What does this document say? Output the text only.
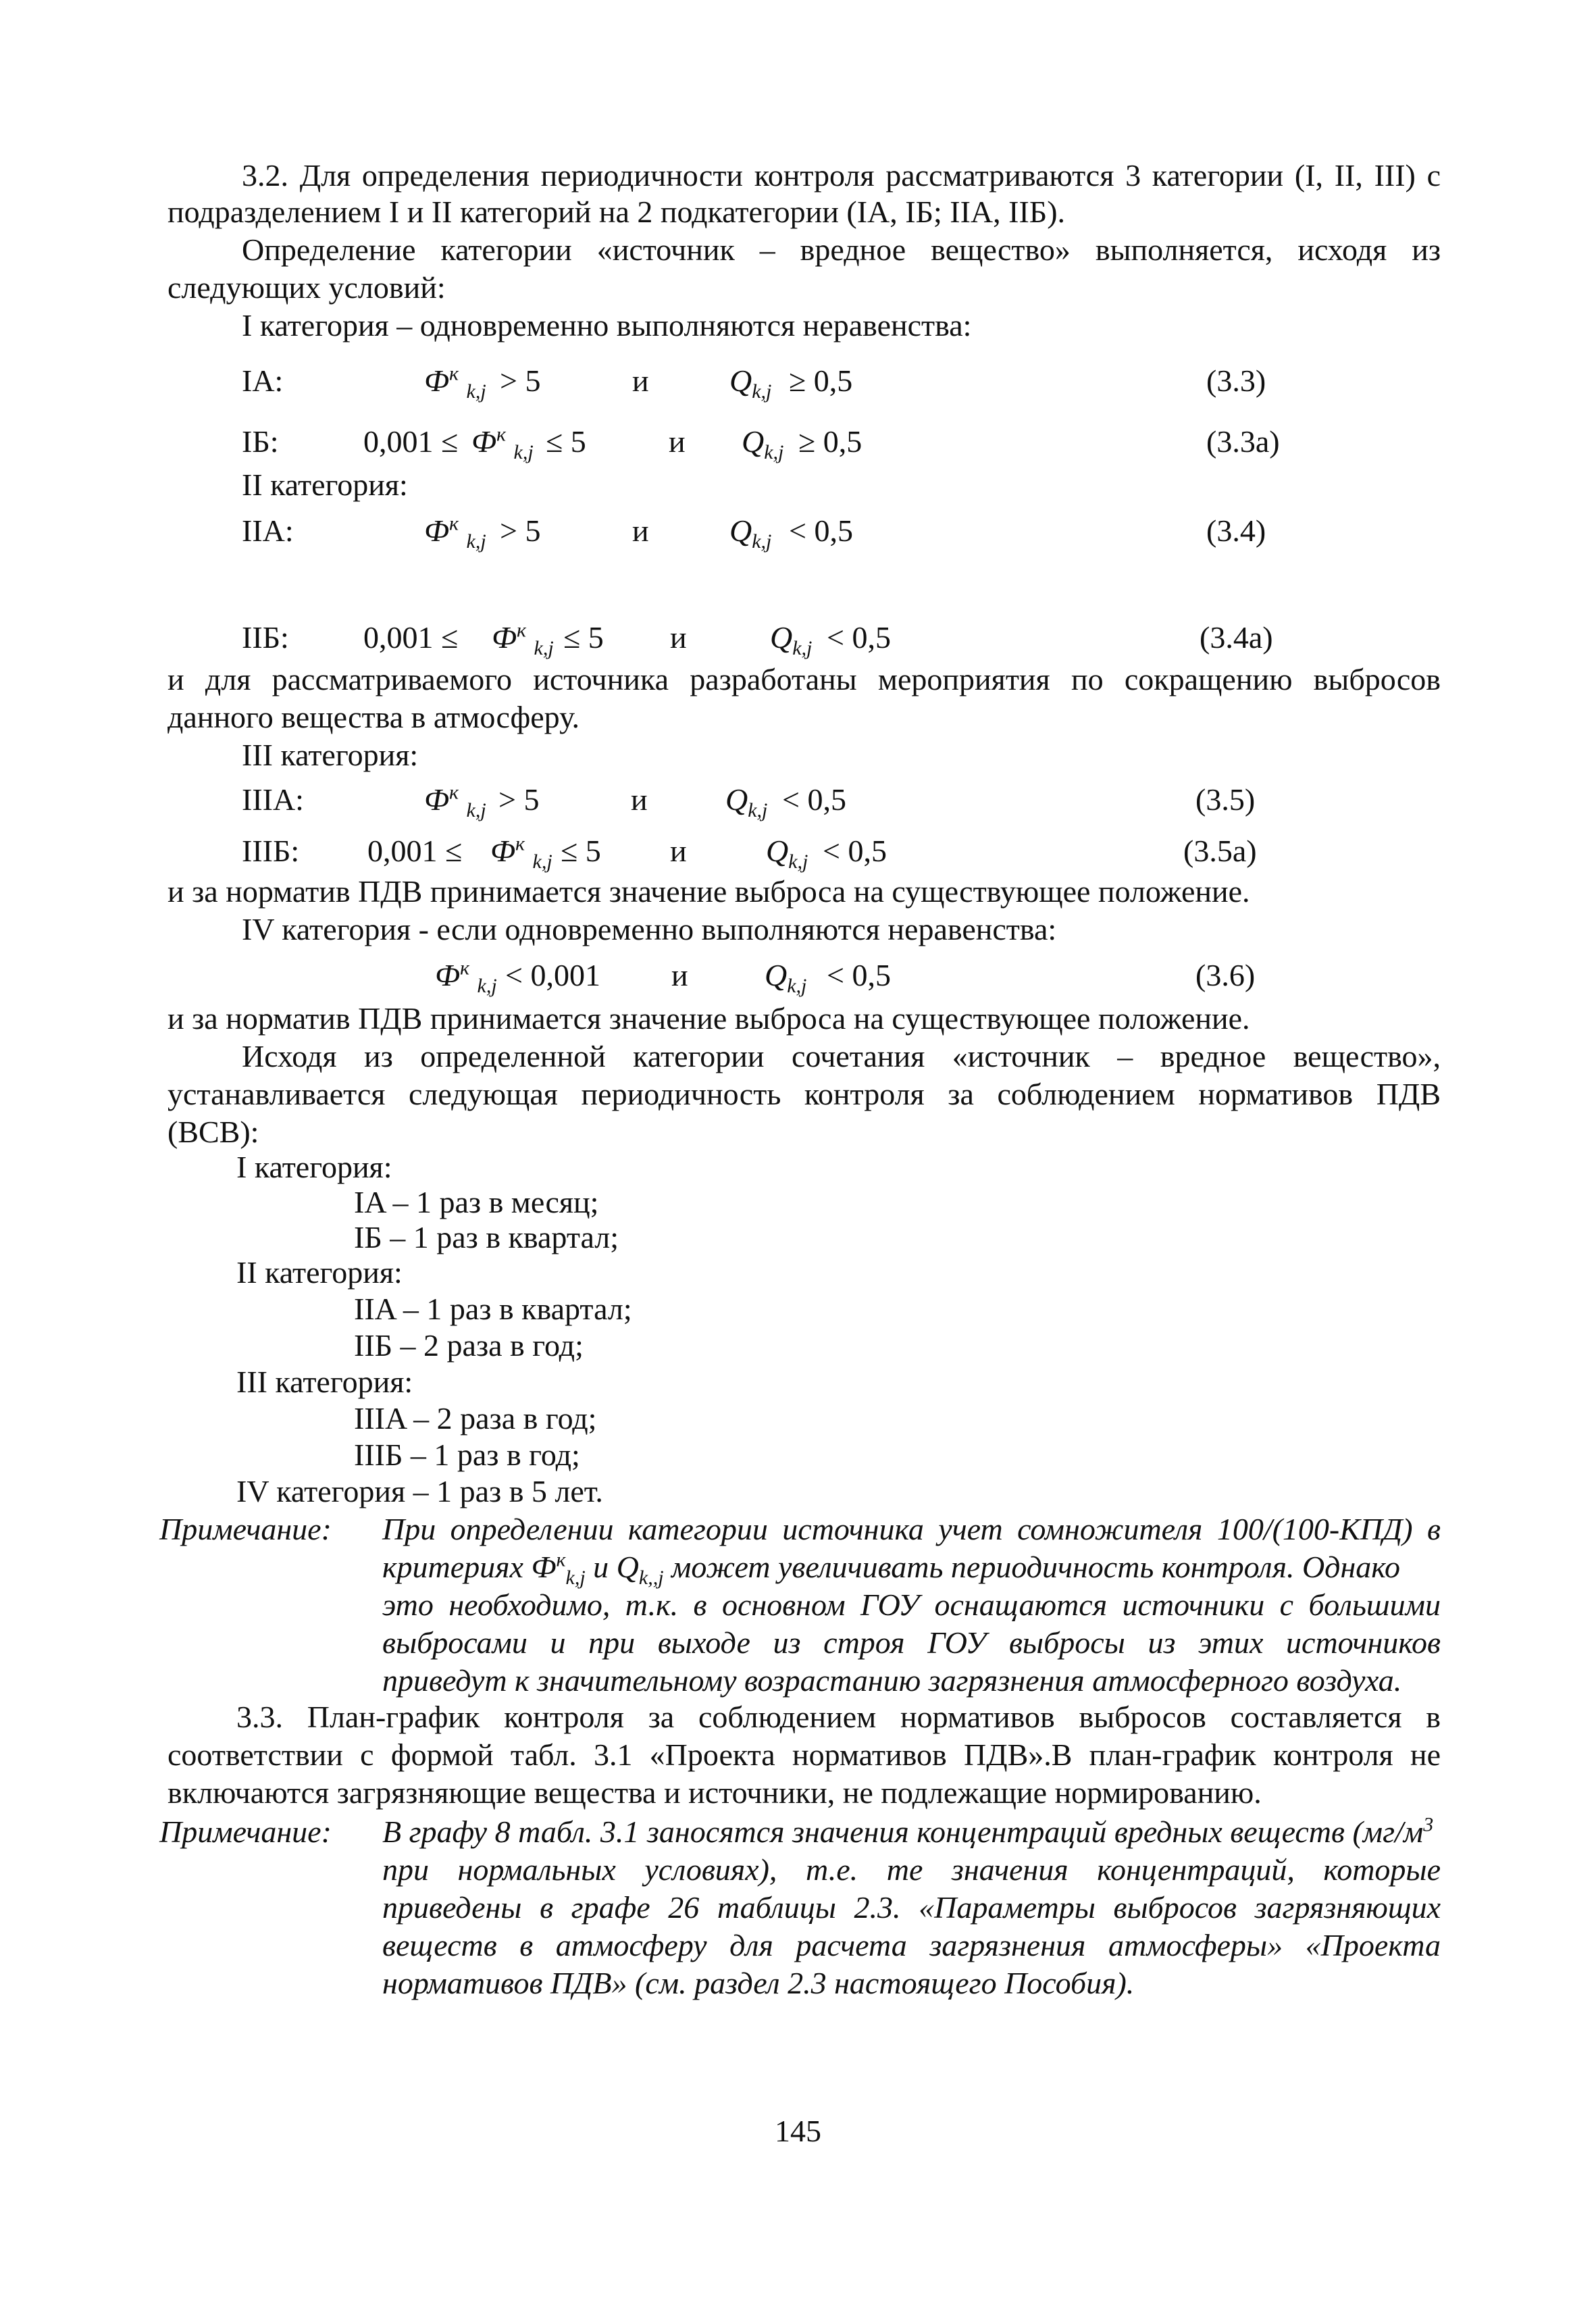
3.2. Для определения периодичности контроля рассматриваются 3 категории (I, II, III) с
подразделением I и II категорий на 2 подкатегории (IA, IБ; IIA, IIБ).
Определение категории «источник – вредное вещество» выполняется, исходя из
следующих условий:
I категория – одновременно выполняются неравенства:
IA:	$Ф^к$ $_{k,j}$ > 5	и	$Q_{k,j} \ge 0,5$	(3.3)
IБ:	$0,001 \le Ф^к$ $_{k,j}$ ≤ 5	и $Q_{k,j} \ge 0,5$	(3.3a)
II категория:
IIA:	$Ф^к$ $_{k,j}$ > 5	и	$Q_{k,j} < 0,5$	(3.4)
IIБ: $0,001 \le Ф^к$ $_{k,j}$ ≤ 5 и	$Q_{k,j} < 0,5$	(3.4a)
и для рассматриваемого источника разработаны мероприятия по сокращению выбросов
данного вещества в атмосферу.
III категория:
IIIA:	$Ф^к$ $_{k,j}$ > 5	и	$Q_{k,j} < 0,5$	(3.5)
IIIБ: $0,001 \le Ф^к$ $_{k,j}$ ≤ 5 и	$Q_{k,j} < 0,5$	(3.5a)
и за норматив ПДВ принимается значение выброса на существующее положение.
IV категория - если одновременно выполняются неравенства:
$Ф^к$ $_{k,j}$ < 0,001 и $Q_{k,j} < 0,5$	(3.6)
и за норматив ПДВ принимается значение выброса на существующее положение.
Исходя из определенной категории сочетания «источник – вредное вещество»,
устанавливается следующая периодичность контроля за соблюдением нормативов ПДВ
(ВСВ):
I категория:
IA – 1 раз в месяц;
IБ – 1 раз в квартал;
II категория:
IIA – 1 раз в квартал;
IIБ – 2 раза в год;
III категория:
IIIA – 2 раза в год;
IIIБ – 1 раз в год;
IV категория – 1 раз в 5 лет.
Примечание: При определении категории источника учет сомножителя 100/(100-КПД) в
критериях $Ф^к_{k,j}$ и $Q_{k,,j}$ может увеличивать периодичность контроля. Однако
это необходимо, т.к. в основном ГОУ оснащаются источники с большими
выбросами и при выходе из строя ГОУ выбросы из этих источников
приведут к значительному возрастанию загрязнения атмосферного воздуха.
3.3. План-график контроля за соблюдением нормативов выбросов составляется в
соответствии с формой табл. 3.1 «Проекта нормативов ПДВ».В план-график контроля не
включаются загрязняющие вещества и источники, не подлежащие нормированию.
Примечание: В графу 8 табл. 3.1 заносятся значения концентраций вредных веществ ($мг/м^3$
при нормальных условиях), т.е. те значения концентраций, которые
приведены в графе 26 таблицы 2.3. «Параметры выбросов загрязняющих
веществ в атмосферу для расчета загрязнения атмосферы» «Проекта
нормативов ПДВ» (см. раздел 2.3 настоящего Пособия).
145
